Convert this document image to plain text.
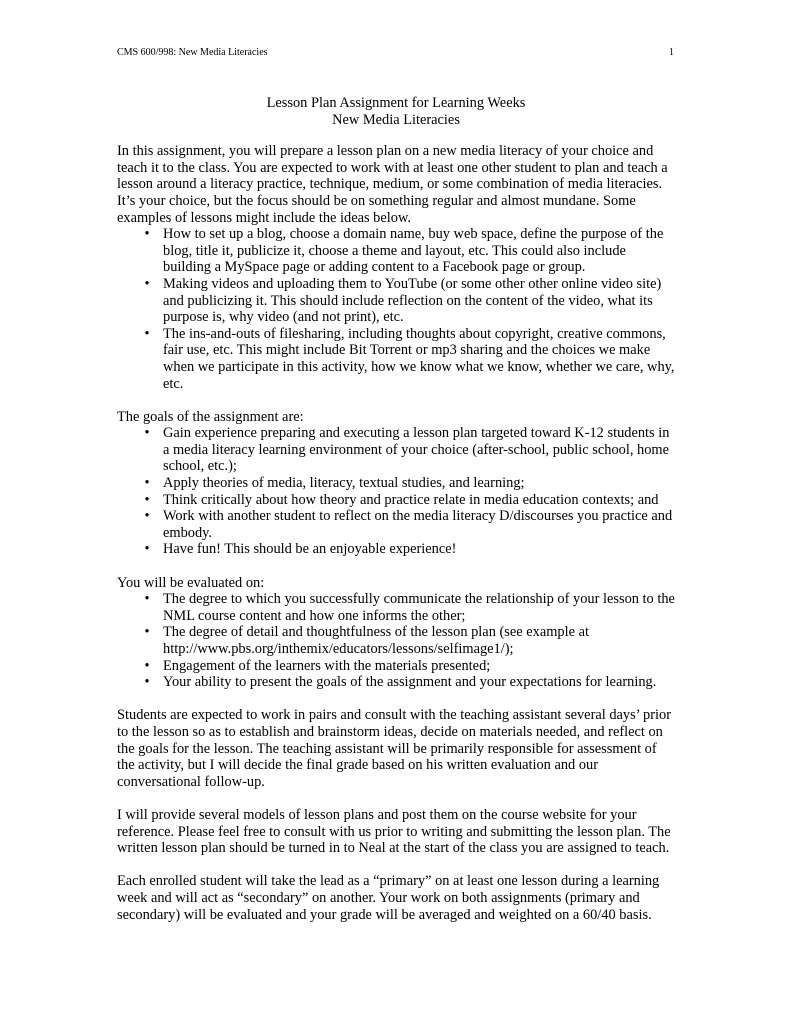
CMS 600/998: New Media Literacies	1
Lesson Plan Assignment for Learning Weeks
New Media Literacies

In this assignment, you will prepare a lesson plan on a new media literacy of your choice and teach it to the class. You are expected to work with at least one other student to plan and teach a lesson around a literacy practice, technique, medium, or some combination of media literacies. It’s your choice, but the focus should be on something regular and almost mundane. Some examples of lessons might include the ideas below.

• How to set up a blog, choose a domain name, buy web space, define the purpose of the blog, title it, publicize it, choose a theme and layout, etc. This could also include building a MySpace page or adding content to a Facebook page or group.
• Making videos and uploading them to YouTube (or some other other online video site) and publicizing it. This should include reflection on the content of the video, what its purpose is, why video (and not print), etc.
• The ins-and-outs of filesharing, including thoughts about copyright, creative commons, fair use, etc. This might include Bit Torrent or mp3 sharing and the choices we make when we participate in this activity, how we know what we know, whether we care, why, etc.

The goals of the assignment are:

• Gain experience preparing and executing a lesson plan targeted toward K-12 students in a media literacy learning environment of your choice (after-school, public school, home school, etc.);
• Apply theories of media, literacy, textual studies, and learning;
• Think critically about how theory and practice relate in media education contexts; and
• Work with another student to reflect on the media literacy D/discourses you practice and embody.
• Have fun! This should be an enjoyable experience!

You will be evaluated on:

• The degree to which you successfully communicate the relationship of your lesson to the NML course content and how one informs the other;
• The degree of detail and thoughtfulness of the lesson plan (see example at http://www.pbs.org/inthemix/educators/lessons/selfimage1/);
• Engagement of the learners with the materials presented;
• Your ability to present the goals of the assignment and your expectations for learning.

Students are expected to work in pairs and consult with the teaching assistant several days’ prior to the lesson so as to establish and brainstorm ideas, decide on materials needed, and reflect on the goals for the lesson. The teaching assistant will be primarily responsible for assessment of the activity, but I will decide the final grade based on his written evaluation and our conversational follow-up.

I will provide several models of lesson plans and post them on the course website for your reference. Please feel free to consult with us prior to writing and submitting the lesson plan. The written lesson plan should be turned in to Neal at the start of the class you are assigned to teach.

Each enrolled student will take the lead as a “primary” on at least one lesson during a learning week and will act as “secondary” on another. Your work on both assignments (primary and secondary) will be evaluated and your grade will be averaged and weighted on a 60/40 basis.
